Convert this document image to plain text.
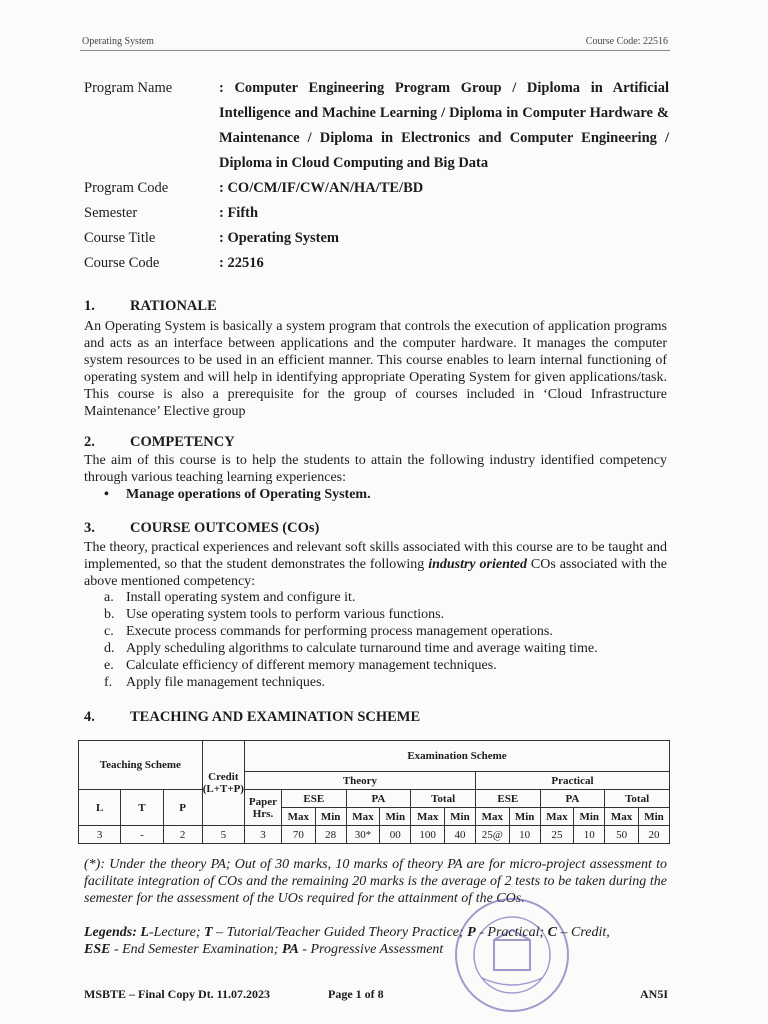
Operating System	Course Code: 22516
Program Name	: Computer Engineering Program Group / Diploma in Artificial Intelligence and Machine Learning / Diploma in Computer Hardware & Maintenance / Diploma in Electronics and Computer Engineering / Diploma in Cloud Computing and Big Data
Program Code	: CO/CM/IF/CW/AN/HA/TE/BD
Semester	: Fifth
Course Title	: Operating System
Course Code	: 22516
1. RATIONALE
An Operating System is basically a system program that controls the execution of application programs and acts as an interface between applications and the computer hardware. It manages the computer system resources to be used in an efficient manner. This course enables to learn internal functioning of operating system and will help in identifying appropriate Operating System for given applications/task. This course is also a prerequisite for the group of courses included in ‘Cloud Infrastructure Maintenance’ Elective group
2. COMPETENCY
The aim of this course is to help the students to attain the following industry identified competency through various teaching learning experiences:
• Manage operations of Operating System.
3. COURSE OUTCOMES (COs)
The theory, practical experiences and relevant soft skills associated with this course are to be taught and implemented, so that the student demonstrates the following industry oriented COs associated with the above mentioned competency:
a. Install operating system and configure it.
b. Use operating system tools to perform various functions.
c. Execute process commands for performing process management operations.
d. Apply scheduling algorithms to calculate turnaround time and average waiting time.
e. Calculate efficiency of different memory management techniques.
f. Apply file management techniques.
4. TEACHING AND EXAMINATION SCHEME
Teaching Scheme			Credit (L+T+P)	Examination Scheme												
				Theory							Practical					
L	T	P		Paper Hrs.	ESE		PA		Total		ESE		PA		Total	
					Max	Min	Max	Min	Max	Min	Max	Min	Max	Min	Max	Min
3	-	2	5	3	70	28	30*	00	100	40	25@	10	25	10	50	20
(*): Under the theory PA; Out of 30 marks, 10 marks of theory PA are for micro-project assessment to facilitate integration of COs and the remaining 20 marks is the average of 2 tests to be taken during the semester for the assessment of the UOs required for the attainment of the COs.
Legends: L-Lecture; T – Tutorial/Teacher Guided Theory Practice; P - Practical; C – Credit,
ESE - End Semester Examination; PA - Progressive Assessment
MSBTE – Final Copy Dt. 11.07.2023	Page 1 of 8	AN5I
